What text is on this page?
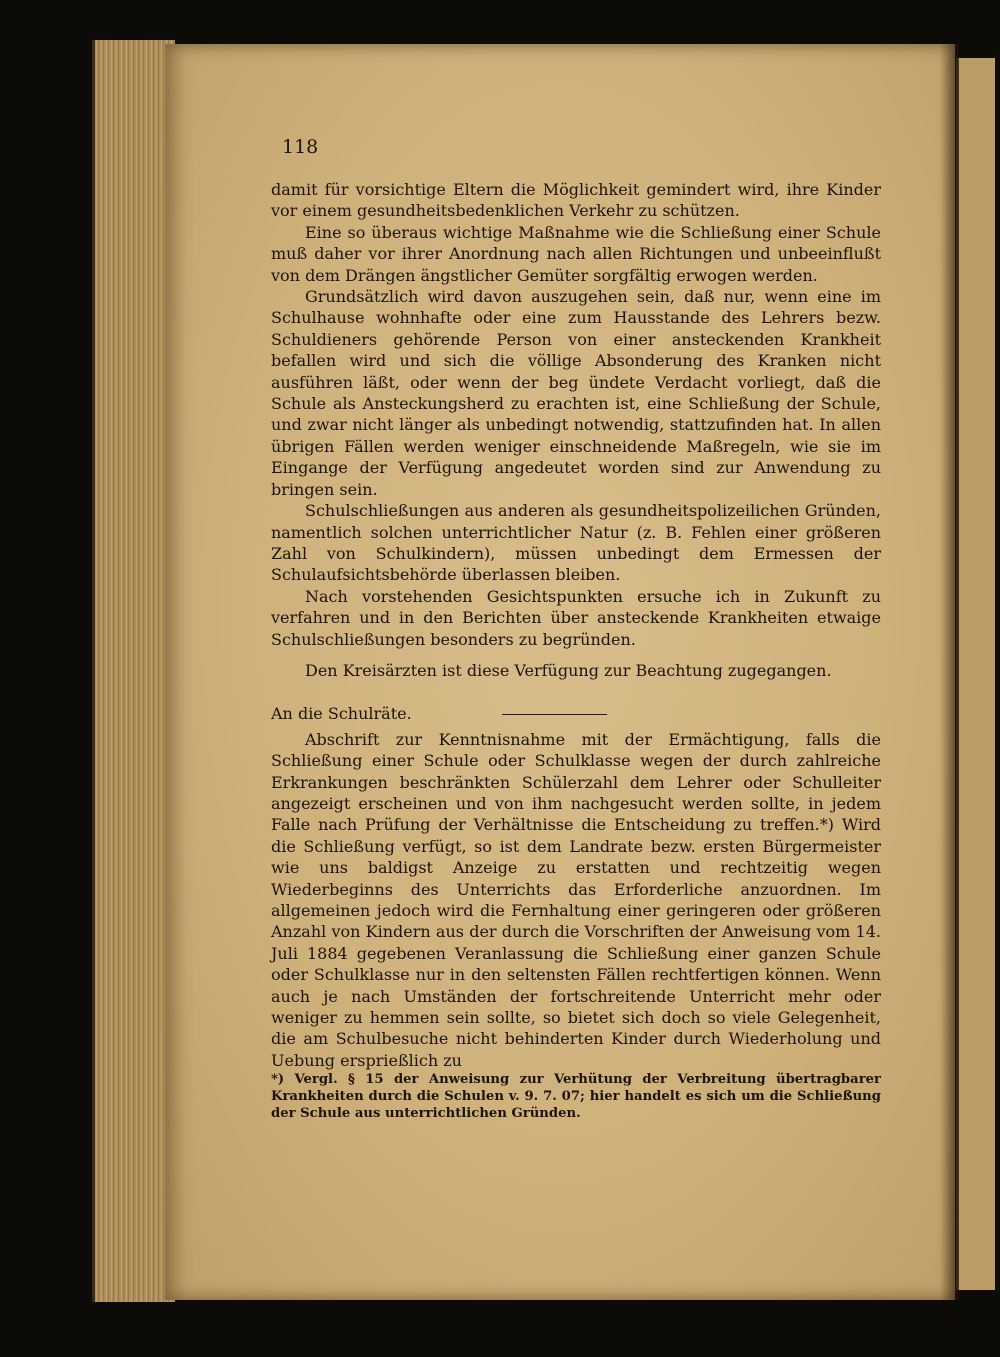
118

damit für vorsichtige Eltern die Möglichkeit gemindert wird, ihre Kinder vor einem gesundheitsbedenklichen Verkehr zu schützen.

Eine so überaus wichtige Maßnahme wie die Schließung einer Schule muß daher vor ihrer Anordnung nach allen Richtungen und unbeeinflußt von dem Drängen ängstlicher Gemüter sorgfältig erwogen werden.

Grundsätzlich wird davon auszugehen sein, daß nur, wenn eine im Schulhause wohnhafte oder eine zum Hausstande des Lehrers bezw. Schuldieners gehörende Person von einer ansteckenden Krankheit befallen wird und sich die völlige Absonderung des Kranken nicht ausführen läßt, oder wenn der beg ündete Verdacht vorliegt, daß die Schule als Ansteckungsherd zu erachten ist, eine Schließung der Schule, und zwar nicht länger als unbedingt notwendig, stattzufinden hat. In allen übrigen Fällen werden weniger einschneidende Maßregeln, wie sie im Eingange der Verfügung angedeutet worden sind zur Anwendung zu bringen sein.

Schulschließungen aus anderen als gesundheitspolizeilichen Gründen, namentlich solchen unterrichtlicher Natur (z. B. Fehlen einer größeren Zahl von Schulkindern), müssen unbedingt dem Ermessen der Schulaufsichtsbehörde überlassen bleiben.

Nach vorstehenden Gesichtspunkten ersuche ich in Zukunft zu verfahren und in den Berichten über ansteckende Krankheiten etwaige Schulschließungen besonders zu begründen.

Den Kreisärzten ist diese Verfügung zur Beachtung zugegangen.

An die Schulräte.

Abschrift zur Kenntnisnahme mit der Ermächtigung, falls die Schließung einer Schule oder Schulklasse wegen der durch zahlreiche Erkrankungen beschränkten Schülerzahl dem Lehrer oder Schulleiter angezeigt erscheinen und von ihm nachgesucht werden sollte, in jedem Falle nach Prüfung der Verhältnisse die Entscheidung zu treffen.*) Wird die Schließung verfügt, so ist dem Landrate bezw. ersten Bürgermeister wie uns baldigst Anzeige zu erstatten und rechtzeitig wegen Wiederbeginns des Unterrichts das Erforderliche anzuordnen. Im allgemeinen jedoch wird die Fernhaltung einer geringeren oder größeren Anzahl von Kindern aus der durch die Vorschriften der Anweisung vom 14. Juli 1884 gegebenen Veranlassung die Schließung einer ganzen Schule oder Schulklasse nur in den seltensten Fällen rechtfertigen können. Wenn auch je nach Umständen der fortschreitende Unterricht mehr oder weniger zu hemmen sein sollte, so bietet sich doch so viele Gelegenheit, die am Schulbesuche nicht behinderten Kinder durch Wiederholung und Uebung ersprießlich zu

*) Vergl. § 15 der Anweisung zur Verhütung der Verbreitung übertragbarer Krankheiten durch die Schulen v. 9. 7. 07; hier handelt es sich um die Schließung der Schule aus unterrichtlichen Gründen.
